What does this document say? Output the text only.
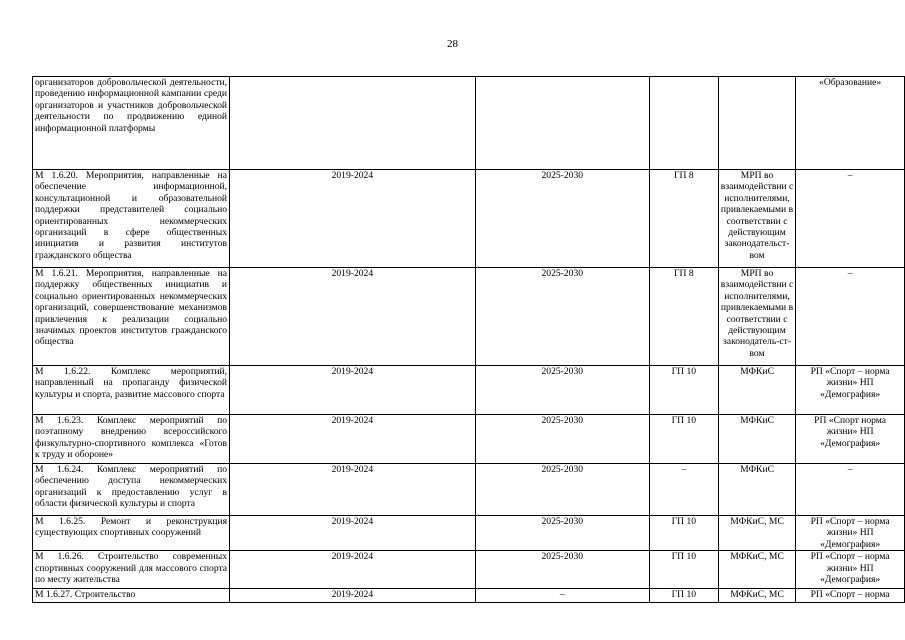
28
организаторов добровольческой деятельности, проведению информационной кампании среди организаторов и участников добровольческой деятельности по продвижению единой информационной платформы					«Образование»
М 1.6.20. Мероприятия, направленные на обеспечение информационной, консультационной и образовательной поддержки представителей социально ориентированных некоммерческих организаций в сфере общественных инициатив и развития институтов гражданского общества	2019-2024	2025-2030	ГП 8	МРП во взаимодействии с исполнителями, привлекаемыми в соответствии с действующим законодательст-вом	–
М 1.6.21. Мероприятия, направленные на поддержку общественных инициатив и социально ориентированных некоммерческих организаций, совершенствование механизмов привлечения к реализации социально значимых проектов институтов гражданского общества	2019-2024	2025-2030	ГП 8	МРП во взаимодействии с исполнителями, привлекаемыми в соответствии с действующим законодатель-ст-вом	–
М 1.6.22. Комплекс мероприятий, направленный на пропаганду физической культуры и спорта, развитие массового спорта	2019-2024	2025-2030	ГП 10	МФКиС	РП «Спорт – норма жизни» НП «Демография»
М 1.6.23. Комплекс мероприятий по поэтапному внедрению всероссийского физкультурно-спортивного комплекса «Готов к труду и обороне»	2019-2024	2025-2030	ГП 10	МФКиС	РП «Спорт норма жизни» НП «Демография»
М 1.6.24. Комплекс мероприятий по обеспечению доступа некоммерческих организаций к предоставлению услуг в области физической культуры и спорта	2019-2024	2025-2030	–	МФКиС	–
М 1.6.25. Ремонт и реконструкция существующих спортивных сооружений	2019-2024	2025-2030	ГП 10	МФКиС, МС	РП «Спорт – норма жизни» НП «Демография»
М 1.6.26. Строительство современных спортивных сооружений для массового спорта по месту жительства	2019-2024	2025-2030	ГП 10	МФКиС, МС	РП «Спорт – норма жизни» НП «Демография»
М 1.6.27. Строительство	2019-2024	–	ГП 10	МФКиС, МС	РП «Спорт – норма
